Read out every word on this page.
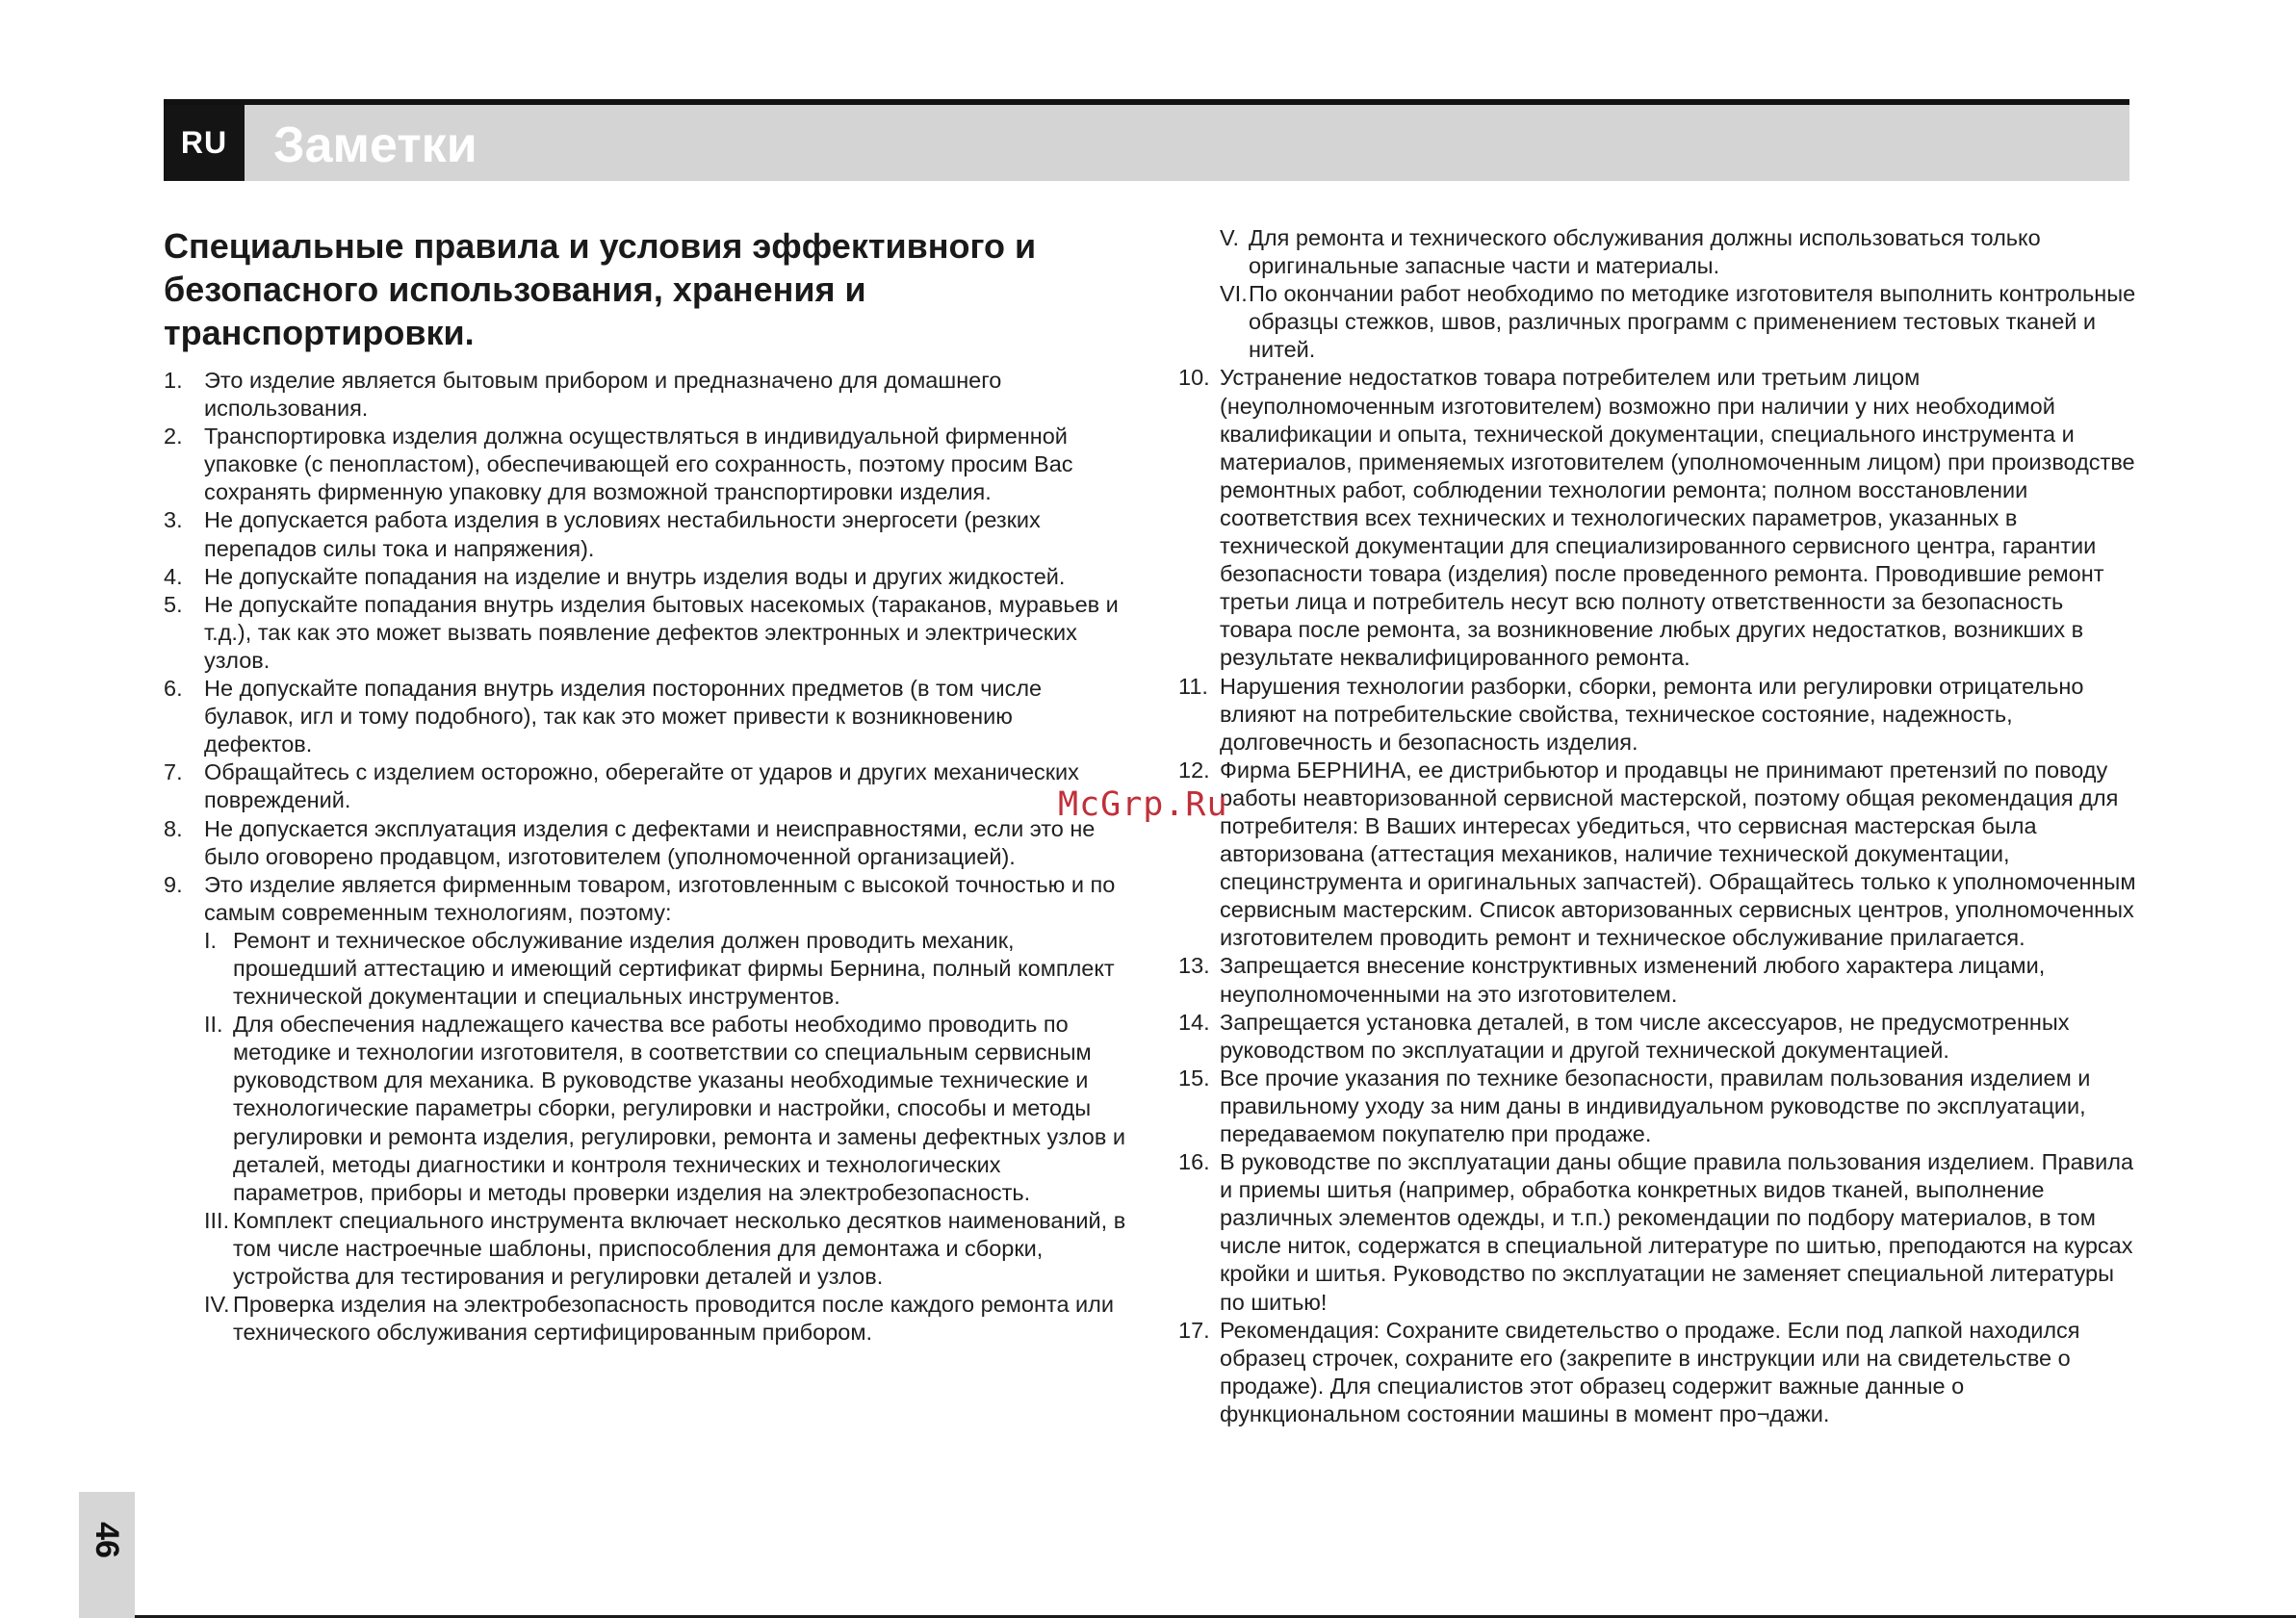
RU Заметки
Специальные правила и условия эффективного и безопасного использования, хранения и транспортировки.
1. Это изделие является бытовым прибором и предназначено для домашнего использования.
2. Транспортировка изделия должна осуществляться в индивидуальной фирменной упаковке (с пенопластом), обеспечивающей его сохранность, поэтому просим Вас сохранять фирменную упаковку для возможной транспортировки изделия.
3. Не допускается работа изделия в условиях нестабильности энергосети (резких перепадов силы тока и напряжения).
4. Не допускайте попадания на изделие и внутрь изделия воды и других жидкостей.
5. Не допускайте попадания внутрь изделия бытовых насекомых (тараканов, муравьев и т.д.), так как это может вызвать появление дефектов электронных и электрических узлов.
6. Не допускайте попадания внутрь изделия посторонних предметов (в том числе булавок, игл и тому подобного), так как это может привести к возникновению дефектов.
7. Обращайтесь с изделием осторожно, оберегайте от ударов и других механических повреждений.
8. Не допускается эксплуатация изделия с дефектами и неисправностями, если это не было оговорено продавцом, изготовителем (уполномоченной организацией).
9. Это изделие является фирменным товаром, изготовленным с высокой точностью и по самым современным технологиям, поэтому:
I. Ремонт и техническое обслуживание изделия должен проводить механик, прошедший аттестацию и имеющий сертификат фирмы Бернина, полный комплект технической документации и специальных инструментов.
II. Для обеспечения надлежащего качества все работы необходимо проводить по методике и технологии изготовителя, в соответствии со специальным сервисным руководством для механика. В руководстве указаны необходимые технические и технологические параметры сборки, регулировки и настройки, способы и методы регулировки и ремонта изделия, регулировки, ремонта и замены дефектных узлов и деталей, методы диагностики и контроля технических и технологических параметров, приборы и методы проверки изделия на электробезопасность.
III. Комплект специального инструмента включает несколько десятков наименований, в том числе настроечные шаблоны, приспособления для демонтажа и сборки, устройства для тестирования и регулировки деталей и узлов.
IV. Проверка изделия на электробезопасность проводится после каждого ремонта или технического обслуживания сертифицированным прибором.
V. Для ремонта и технического обслуживания должны использоваться только оригинальные запасные части и материалы.
VI. По окончании работ необходимо по методике изготовителя выполнить контрольные образцы стежков, швов, различных программ с применением тестовых тканей и нитей.
10. Устранение недостатков товара потребителем или третьим лицом (неуполномоченным изготовителем) возможно при наличии у них необходимой квалификации и опыта, технической документации, специального инструмента и материалов, применяемых изготовителем (уполномоченным лицом) при производстве ремонтных работ, соблюдении технологии ремонта; полном восстановлении соответствия всех технических и технологических параметров, указанных в технической документации для специализированного сервисного центра, гарантии безопасности товара (изделия) после проведенного ремонта. Проводившие ремонт третьи лица и потребитель несут всю полноту ответственности за безопасность товара после ремонта, за возникновение любых других недостатков, возникших в результате неквалифицированного ремонта.
11. Нарушения технологии разборки, сборки, ремонта или регулировки отрицательно влияют на потребительские свойства, техническое состояние, надежность, долговечность и безопасность изделия.
12. Фирма БЕРНИНА, ее дистрибьютор и продавцы не принимают претензий по поводу работы неавторизованной сервисной мастерской, поэтому общая рекомендация для потребителя: В Ваших интересах убедиться, что сервисная мастерская была авторизована (аттестация механиков, наличие технической документации, специнструмента и оригинальных запчастей). Обращайтесь только к уполномоченным сервисным мастерским. Список авторизованных сервисных центров, уполномоченных изготовителем проводить ремонт и техническое обслуживание прилагается.
13. Запрещается внесение конструктивных изменений любого характера лицами, неуполномоченными на это изготовителем.
14. Запрещается установка деталей, в том числе аксессуаров, не предусмотренных руководством по эксплуатации и другой технической документацией.
15. Все прочие указания по технике безопасности, правилам пользования изделием и правильному уходу за ним даны в индивидуальном руководстве по эксплуатации, передаваемом покупателю при продаже.
16. В руководстве по эксплуатации даны общие правила пользования изделием. Правила и приемы шитья (например, обработка конкретных видов тканей, выполнение различных элементов одежды, и т.п.) рекомендации по подбору материалов, в том числе ниток, содержатся в специальной литературе по шитью, преподаются на курсах кройки и шитья. Руководство по эксплуатации не заменяет специальной литературы по шитью!
17. Рекомендация: Сохраните свидетельство о продаже. Если под лапкой находился образец строчек, сохраните его (закрепите в инструкции или на свидетельстве о продаже). Для специалистов этот образец содержит важные данные о функциональном состоянии машины в момент про¬дажи.
McGrp.Ru
46
